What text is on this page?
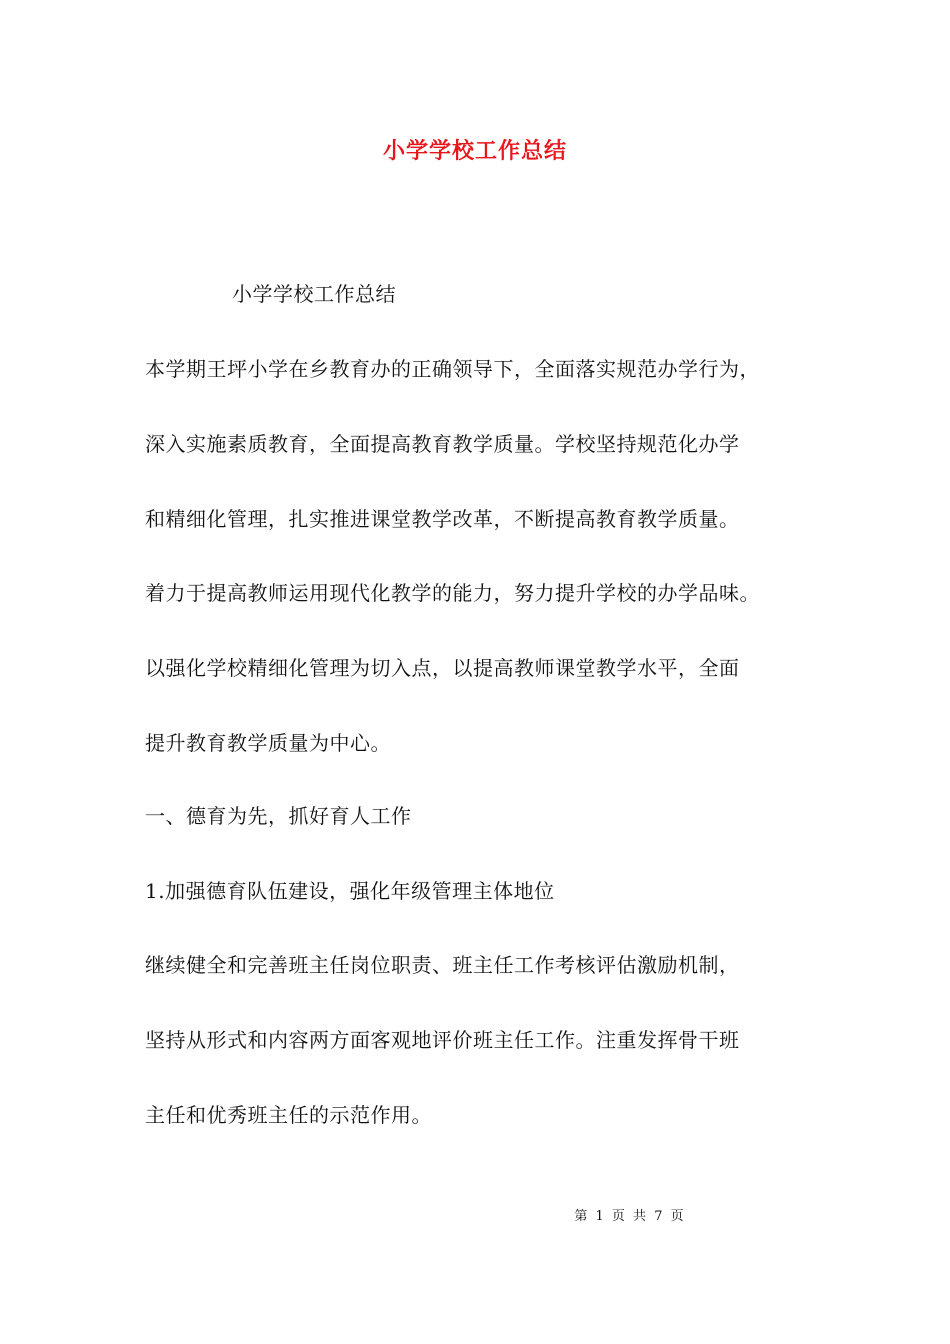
小学学校工作总结
小学学校工作总结
本学期王坪小学在乡教育办的正确领导下，全面落实规范办学行为，
深入实施素质教育，全面提高教育教学质量。学校坚持规范化办学
和精细化管理，扎实推进课堂教学改革，不断提高教育教学质量。
着力于提高教师运用现代化教学的能力，努力提升学校的办学品味。
以强化学校精细化管理为切入点，以提高教师课堂教学水平，全面
提升教育教学质量为中心。
一、德育为先，抓好育人工作
1.加强德育队伍建设，强化年级管理主体地位
继续健全和完善班主任岗位职责、班主任工作考核评估激励机制，
坚持从形式和内容两方面客观地评价班主任工作。注重发挥骨干班
主任和优秀班主任的示范作用。
第 1 页 共 7 页
